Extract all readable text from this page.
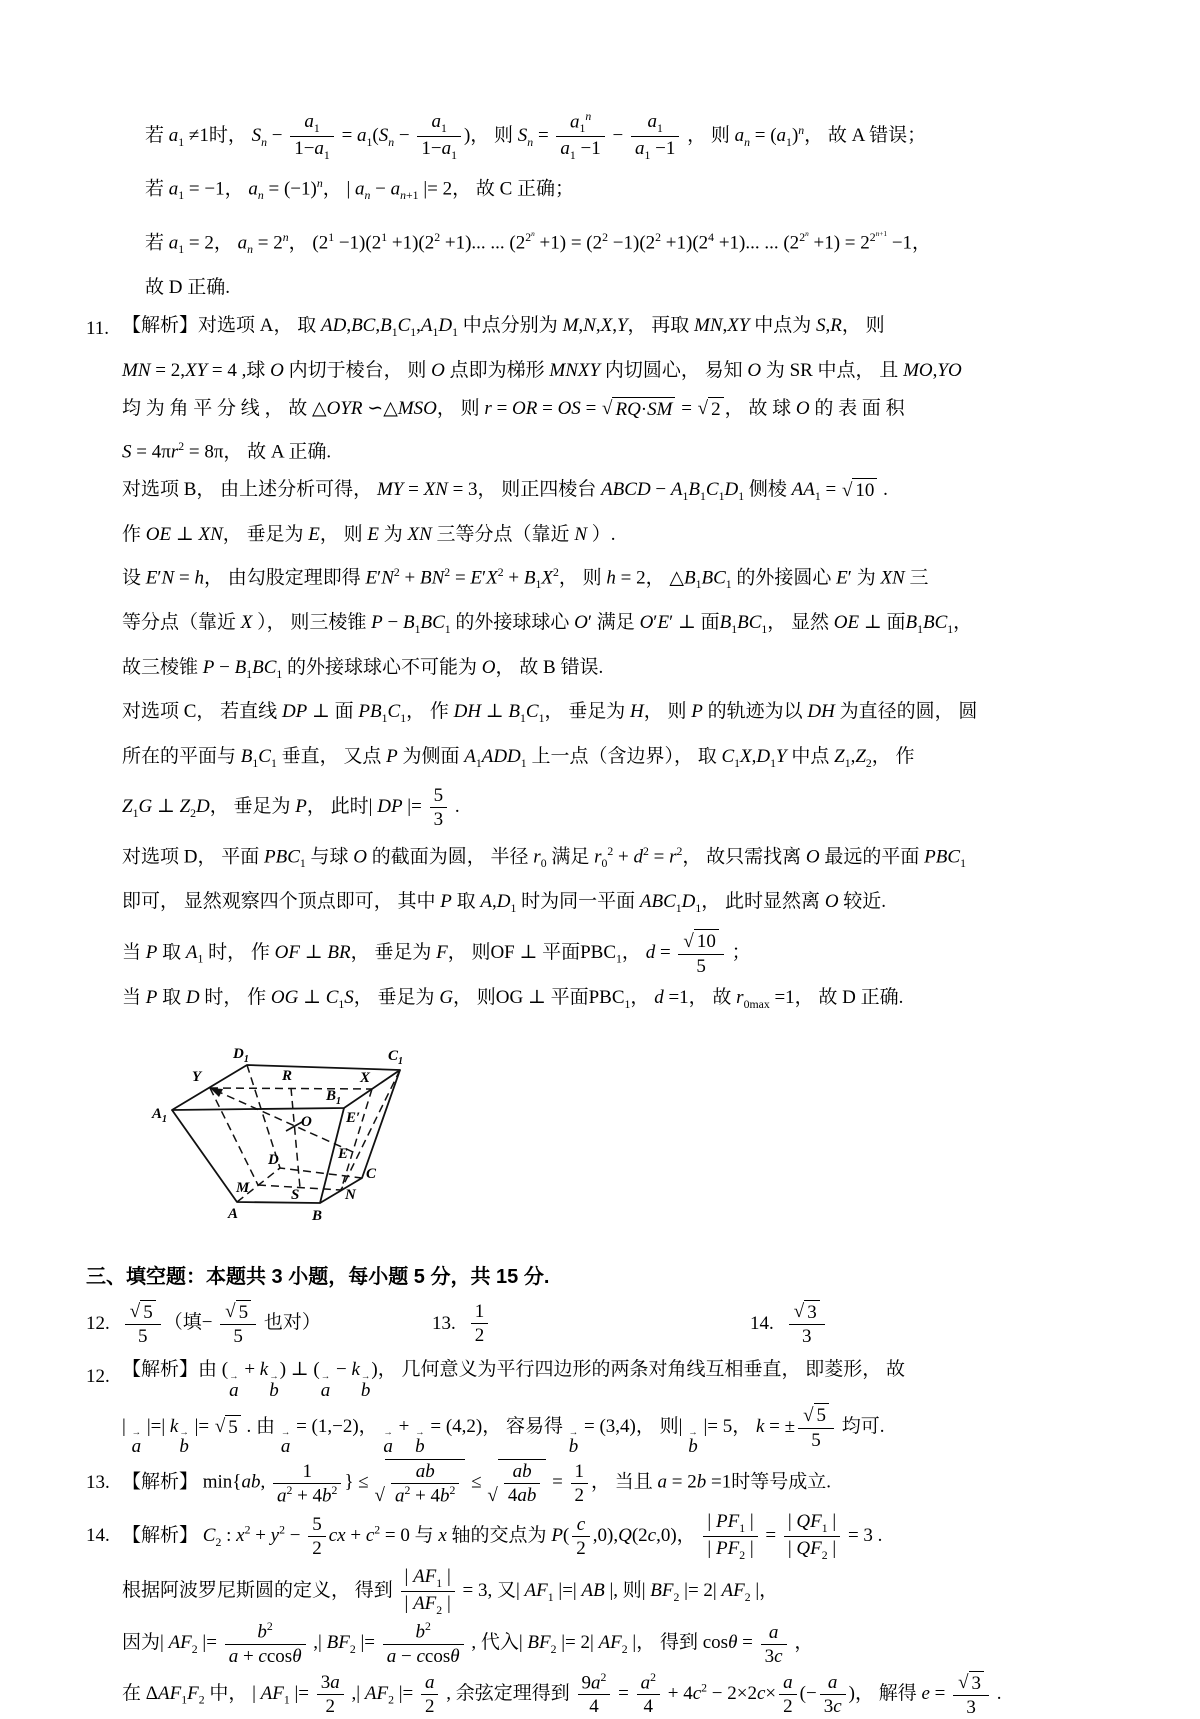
若 $a_1 \ne 1$时， $S_n - \frac{a_1}{1-a_1} = a_1(S_n - \frac{a_1}{1-a_1}$ )， 则 $S_n = \frac{a_1^n}{a_1 -1} - \frac{a_1}{a_1 -1}$ ， 则 $a_n = (a_1)^n$， 故 A 错误；
若 $a_1 = -1$， $a_n = (-1)^n$， | $a_n - a_{n+1}$ |= 2， 故 C 正确；
若 $a_1 = 2$， $a_n = 2^n$， $(2^1 -1)(2^1 +1)(2^2 +1)$... ... $(2^{2^n} +1) = (2^2 -1)(2^2 +1)(2^4 +1)$... ... $(2^{2^n} +1) = 2^{2^{n+1}} -1$，
故 D 正确.
11. 【解析】对选项 A， 取 $AD,BC,B_1C_1,A_1D_1$ 中点分别为 M,N,X,Y， 再取 MN,XY 中点为 S,R， 则
MN = 2,XY = 4 ,球 O 内切于棱台， 则 O 点即为梯形 MNXY 内切圆心， 易知 O 为 SR 中点， 且 MO,YO
均 为 角 平 分 线 ， 故 △OYR ∽△MSO， 则 r = OR = OS = √ RQ · SM = √ 2 ， 故 球 O 的 表 面 积
$S = 4\pi r^2 = 8\pi$， 故 A 正确.
对选项 B， 由上述分析可得， MY = XN = 3， 则正四棱台 ABCD − $A_1B_1C_1D_1$ 侧棱 $AA_1$ = √ 10 .
作 OE ⊥ XN， 垂足为 E， 则 E 为 XN 三等分点（靠近 N ）.
设 E′N = h， 由勾股定理即得 $E'N^2 + BN^2 = E'X^2 + B_1X^2$， 则 h = 2， $\triangle B_1BC_1$ 的外接圆心 E′ 为 XN 三
等分点（靠近 X ）， 则三棱锥 $P - B_1BC_1$ 的外接球球心 O′ 满足 O′E′ ⊥ 面$B_1BC_1$， 显然 OE ⊥ 面$B_1BC_1$，
故三棱锥 $P - B_1BC_1$ 的外接球球心不可能为 O， 故 B 错误.
对选项 C， 若直线 DP ⊥ 面 $PB_1C_1$， 作 DH ⊥ $B_1C_1$， 垂足为 H， 则 P 的轨迹为以 DH 为直径的圆， 圆
所在的平面与 $B_1C_1$ 垂直， 又点 P 为侧面 $A_1ADD_1$ 上一点（含边界）， 取 $C_1X,D_1Y$ 中点 $Z_1,Z_2$， 作
$Z_1G$ ⊥ $Z_2D$， 垂足为 P， 此时| DP |= $\frac{5}{3}$ .
对选项 D， 平面 $PBC_1$ 与球 O 的截面为圆， 半径 $r_0$ 满足 $r_0^2 + d^2 = r^2$， 故只需找离 O 最远的平面 $PBC_1$
即可， 显然观察四个顶点即可， 其中 P 取 $A,D_1$ 时为同一平面 $ABC_1D_1$， 此时显然离 O 较近.
当 P 取 $A_1$ 时， 作 OF ⊥ BR， 垂足为 F， 则OF ⊥ 平面$PBC_1$， $d = \frac{√ 10}{5}$ ；
当 P 取 D 时， 作 OG ⊥ $C_1S$， 垂足为 G， 则OG ⊥ 平面$PBC_1$， d =1， 故 $r_{0max} =1$， 故 D 正确.
$D_1$	$C_1$
$A_1$
$B_1$
Y	R	X
E′
O
E
D
M
C
N
S
A	B
三、填空题：本题共 3 小题，每小题 5 分，共 15 分.
12. $\frac{√ 5}{5}$ （填− $\frac{√ 5}{5}$ 也对）	13. $\frac{1}{2}$	14. $\frac{√ 3}{3}$
12. 【解析】由 ( →
a
+ k →
b
) ⊥ ( →
a
− k →
b
)， 几何意义为平行四边形的两条对角线互相垂直， 即菱形， 故
| →
a
|=| k →
b
|= √ 5 . 由 →
a
= (1,−2)， →
a
+ →
b
= (4,2)， 容易得 →
b
= (3,4)， 则| →
b
|= 5， k = ± $\frac{√ 5}{5}$ 均可.
13. 【解析】 min{ab, $\frac{1}{a^2 + 4b^2}$ } ≤
√ $\frac{ab}{a^2 + 4b^2}$ ≤
√ $\frac{ab}{4ab} = \frac{1}{2}$ ， 当且 a = 2b =1时等号成立.
14. 【解析】 $C_2$ : $x^2 + y^2 - \frac{5}{2}$ cx + $c^2 = 0$ 与 x 轴的交点为 $P( \frac{c}{2} ,0),Q(2c,0)$， $\frac{| PF_1 |}{| PF_2 |} = \frac{| QF_1 |}{| QF_2 |} = 3$ .
根据阿波罗尼斯圆的定义， 得到 $\frac{| AF_1 |}{| AF_2 |} = 3$, 又| $AF_1$ |=| AB |, 则| $BF_2$ |= 2| $AF_2$ |，
因为| $AF_2$ |= $\frac{b^2}{a + ccos\theta}$ ,| $BF_2$ |= $\frac{b^2}{a - ccos\theta}$ , 代入| $BF_2$ |= 2| $AF_2$ |， 得到 $\cos\theta = \frac{a}{3c}$ ，
在 $\Delta AF_1F_2$ 中， | $AF_1$ |= $\frac{3a}{2}$ ,| $AF_2$ |= $\frac{a}{2}$ , 余弦定理得到 $\frac{9a^2}{4} = \frac{a^2}{4} + 4c^2 - 2\times 2c\times \frac{a}{2}$ (− $\frac{a}{3c}$ )， 解得 $e = \frac{√ 3}{3}$ .
